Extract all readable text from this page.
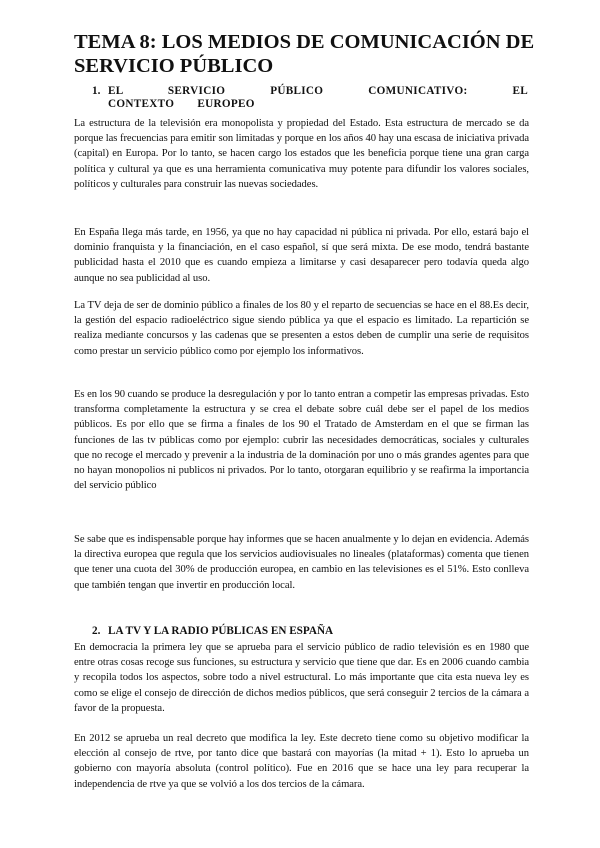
TEMA 8: LOS MEDIOS DE COMUNICACIÓN DE SERVICIO PÚBLICO
1. EL SERVICIO PÚBLICO COMUNICATIVO: EL CONTEXTO EUROPEO

La estructura de la televisión era monopolista y propiedad del Estado. Esta estructura de mercado se da porque las frecuencias para emitir son limitadas y porque en los años 40 hay una escasa de iniciativa privada (capital) en Europa. Por lo tanto, se hacen cargo los estados que les beneficia porque tiene una gran carga política y cultural ya que es una herramienta comunicativa muy potente para difundir los valores sociales, políticos y culturales para construir las nuevas sociedades.

En España llega más tarde, en 1956, ya que no hay capacidad ni pública ni privada. Por ello, estará bajo el dominio franquista y la financiación, en el caso español, sí que será mixta. De ese modo, tendrá bastante publicidad hasta el 2010 que es cuando empieza a limitarse y casi desaparecer pero todavía queda algo aunque no sea publicidad al uso.

La TV deja de ser de dominio público a finales de los 80 y el reparto de secuencias se hace en el 88.Es decir, la gestión del espacio radioeléctrico sigue siendo pública ya que el espacio es limitado. La repartición se realiza mediante concursos y las cadenas que se presenten a estos deben de cumplir una serie de requisitos como prestar un servicio público como por ejemplo los informativos.

Es en los 90 cuando se produce la desregulación y por lo tanto entran a competir las empresas privadas. Esto transforma completamente la estructura y se crea el debate sobre cuál debe ser el papel de los medios públicos. Es por ello que se firma a finales de los 90 el Tratado de Amsterdam en el que se firman las funciones de las tv públicas como por ejemplo: cubrir las necesidades democráticas, sociales y culturales que no recoge el mercado y prevenir a la industria de la dominación por uno o más grandes agentes para que no hayan monopolios ni publicos ni privados. Por lo tanto, otorgaran equilibrio y se reafirma la importancia del servicio público

Se sabe que es indispensable porque hay informes que se hacen anualmente y lo dejan en evidencia. Además la directiva europea que regula que los servicios audiovisuales no lineales (plataformas) comenta que tienen que tener una cuota del 30% de producción europea, en cambio en las televisiones es el 51%. Esto conlleva que también tengan que invertir en producción local.

2. LA TV Y LA RADIO PÚBLICAS EN ESPAÑA

En democracia la primera ley que se aprueba para el servicio público de radio televisión es en 1980 que entre otras cosas recoge sus funciones, su estructura y servicio que tiene que dar. Es en 2006 cuando cambia y recopila todos los aspectos, sobre todo a nivel estructural. Lo más importante que cita esta nueva ley es como se elige el consejo de dirección de dichos medios públicos, que será conseguir 2 tercios de la cámara a favor de la propuesta.

En 2012 se aprueba un real decreto que modifica la ley. Este decreto tiene como su objetivo modificar la elección al consejo de rtve, por tanto dice que bastará con mayorías (la mitad + 1). Esto lo aprueba un gobierno con mayoría absoluta (control político). Fue en 2016 que se hace una ley para recuperar la independencia de rtve ya que se volvió a los dos tercios de la cámara.
